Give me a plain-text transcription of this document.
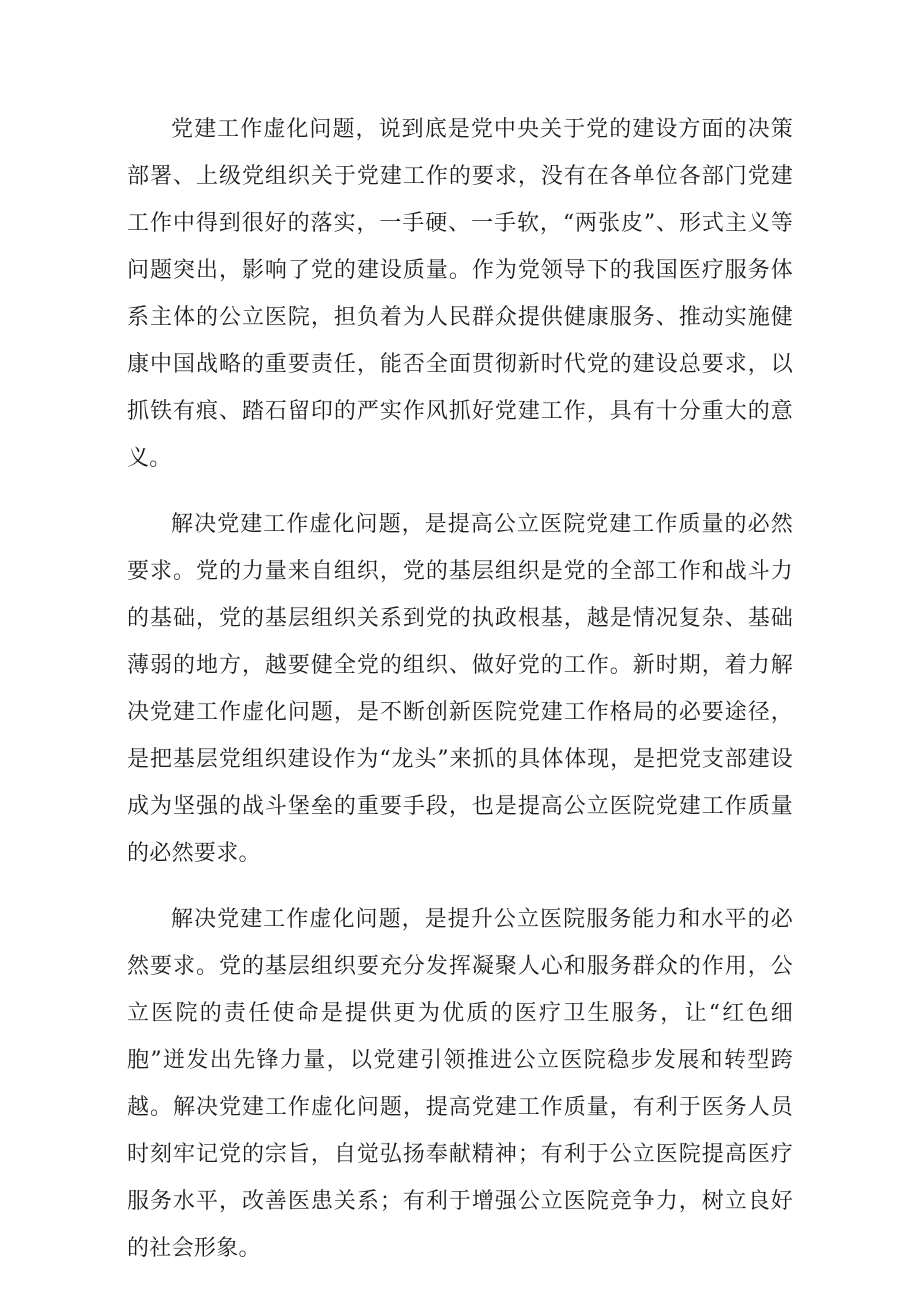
党建工作虚化问题，说到底是党中央关于党的建设方面的决策部署、上级党组织关于党建工作的要求，没有在各单位各部门党建工作中得到很好的落实，一手硬、一手软，“两张皮”、形式主义等问题突出，影响了党的建设质量。作为党领导下的我国医疗服务体系主体的公立医院，担负着为人民群众提供健康服务、推动实施健康中国战略的重要责任，能否全面贯彻新时代党的建设总要求，以抓铁有痕、踏石留印的严实作风抓好党建工作，具有十分重大的意义。

解决党建工作虚化问题，是提高公立医院党建工作质量的必然要求。党的力量来自组织，党的基层组织是党的全部工作和战斗力的基础，党的基层组织关系到党的执政根基，越是情况复杂、基础薄弱的地方，越要健全党的组织、做好党的工作。新时期，着力解决党建工作虚化问题，是不断创新医院党建工作格局的必要途径，是把基层党组织建设作为“龙头”来抓的具体体现，是把党支部建设成为坚强的战斗堡垒的重要手段，也是提高公立医院党建工作质量的必然要求。

解决党建工作虚化问题，是提升公立医院服务能力和水平的必然要求。党的基层组织要充分发挥凝聚人心和服务群众的作用，公立医院的责任使命是提供更为优质的医疗卫生服务，让“红色细胞”迸发出先锋力量，以党建引领推进公立医院稳步发展和转型跨越。解决党建工作虚化问题，提高党建工作质量，有利于医务人员时刻牢记党的宗旨，自觉弘扬奉献精神；有利于公立医院提高医疗服务水平，改善医患关系；有利于增强公立医院竞争力，树立良好的社会形象。
